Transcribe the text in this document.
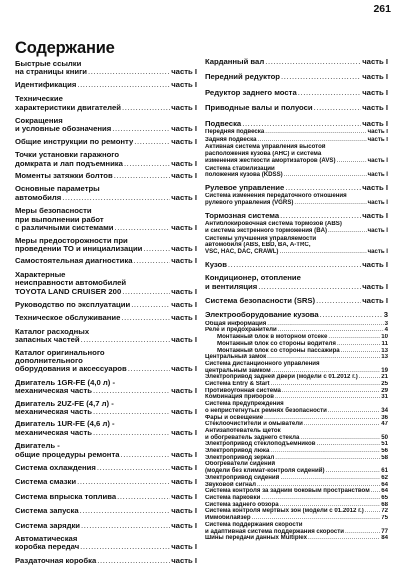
261
Содержание
Быстрые ссылки
на страницы книги .....	часть I
Идентификация .....	часть I
Технические
характеристики двигателей .....	часть I
Сокращения
и условные обозначения .....	часть I
Общие инструкции по ремонту .....	часть I
Точки установки гаражного
домкрата и лап подъемника .....	часть I
Моменты затяжки болтов .....	часть I
Основные параметры
автомобиля .....	часть I
Меры безопасности
при выполнении работ
с различными системами .....	часть I
Меры предосторожности при
проведении ТО и инициализации .....	часть I
Самостоятельная диагностика .....	часть I
Характерные
неисправности автомобилей
TOYOTA LAND CRUISER 200 .....	часть I
Руководство по эксплуатации .....	часть I
Техническое обслуживание .....	часть I
Каталог расходных
запасных частей .....	часть I
Каталог оригинального
дополнительного
оборудования и аксессуаров .....	часть I
Двигатель 1GR-FE (4,0 л) -
механическая часть .....	часть I
Двигатель 2UZ-FE (4,7 л) -
механическая часть .....	часть I
Двигатель 1UR-FE (4,6 л) -
механическая часть .....	часть I
Двигатель -
общие процедуры ремонта .....	часть I
Система охлаждения .....	часть I
Система смазки .....	часть I
Система впрыска топлива .....	часть I
Система запуска .....	часть I
Система зарядки .....	часть I
Автоматическая
коробка передач .....	часть I
Раздаточная коробка .....	часть I
Карданный вал .....	часть I
Передний редуктор .....	часть I
Редуктор заднего моста .....	часть I
Приводные валы и полуоси .....	часть I
Подвеска .....	часть I
Передняя подвеска .....	часть I
Задняя подвеска .....	часть I
Активная система управления высотой
расположения кузова (AHC) и система
изменения жесткости амортизаторов (AVS) .....	часть I
Система стабилизации
положения кузова (KDSS) .....	часть I
Рулевое управление .....	часть I
Система изменения передаточного отношения
рулевого управления (VGRS) .....	часть I
Тормозная система .....	часть I
Антиблокировочная система тормозов (ABS)
и система экстренного торможения (BA) .....	часть I
Системы улучшения управляемости
автомобиля (ABS, EBD, BA, A-TRC,
VSC, HAC, DAC, CRAWL) .....	часть I
Кузов .....	часть I
Кондиционер, отопление
и вентиляция .....	часть I
Система безопасности (SRS) .....	часть I
Электрооборудование кузова .....	3
Общая информация .....	3
Реле и предохранители .....	4
Монтажный блок в моторном отсеке .....	10
Монтажный блок со стороны водителя .....	11
Монтажный блок со стороны пассажира .....	13
Центральный замок .....	13
Система дистанционного управления
центральным замком .....	19
Электропривод задней двери (модели с 01.2012 г.) .....	21
Система Entry & Start .....	25
Противоугонная система .....	29
Комбинация приборов .....	31
Система предупреждения
о непристегнутых ремнях безопасности .....	34
Фары и освещение .....	36
Стеклоочистители и омыватели .....	47
Антизапотеватель щеток
и обогреватель заднего стекла .....	50
Электропривод стеклоподъемников .....	51
Электропривод люка .....	56
Электропривод зеркал .....	58
Обогреватели сидений
(модели без климат-контроля сидений) .....	61
Электропривод сидений .....	62
Звуковой сигнал .....	64
Система контроля за задним боковым пространством ..... 64
Система парковки .....	65
Система заднего обзора .....	68
Система контроля мертвых зон (модели с 01.2012 г.) .....	72
Иммобилайзер .....	75
Система поддержания скорости
и адаптивная система поддержания скорости .....	77
Шины передачи данных Multiplex .....	84
